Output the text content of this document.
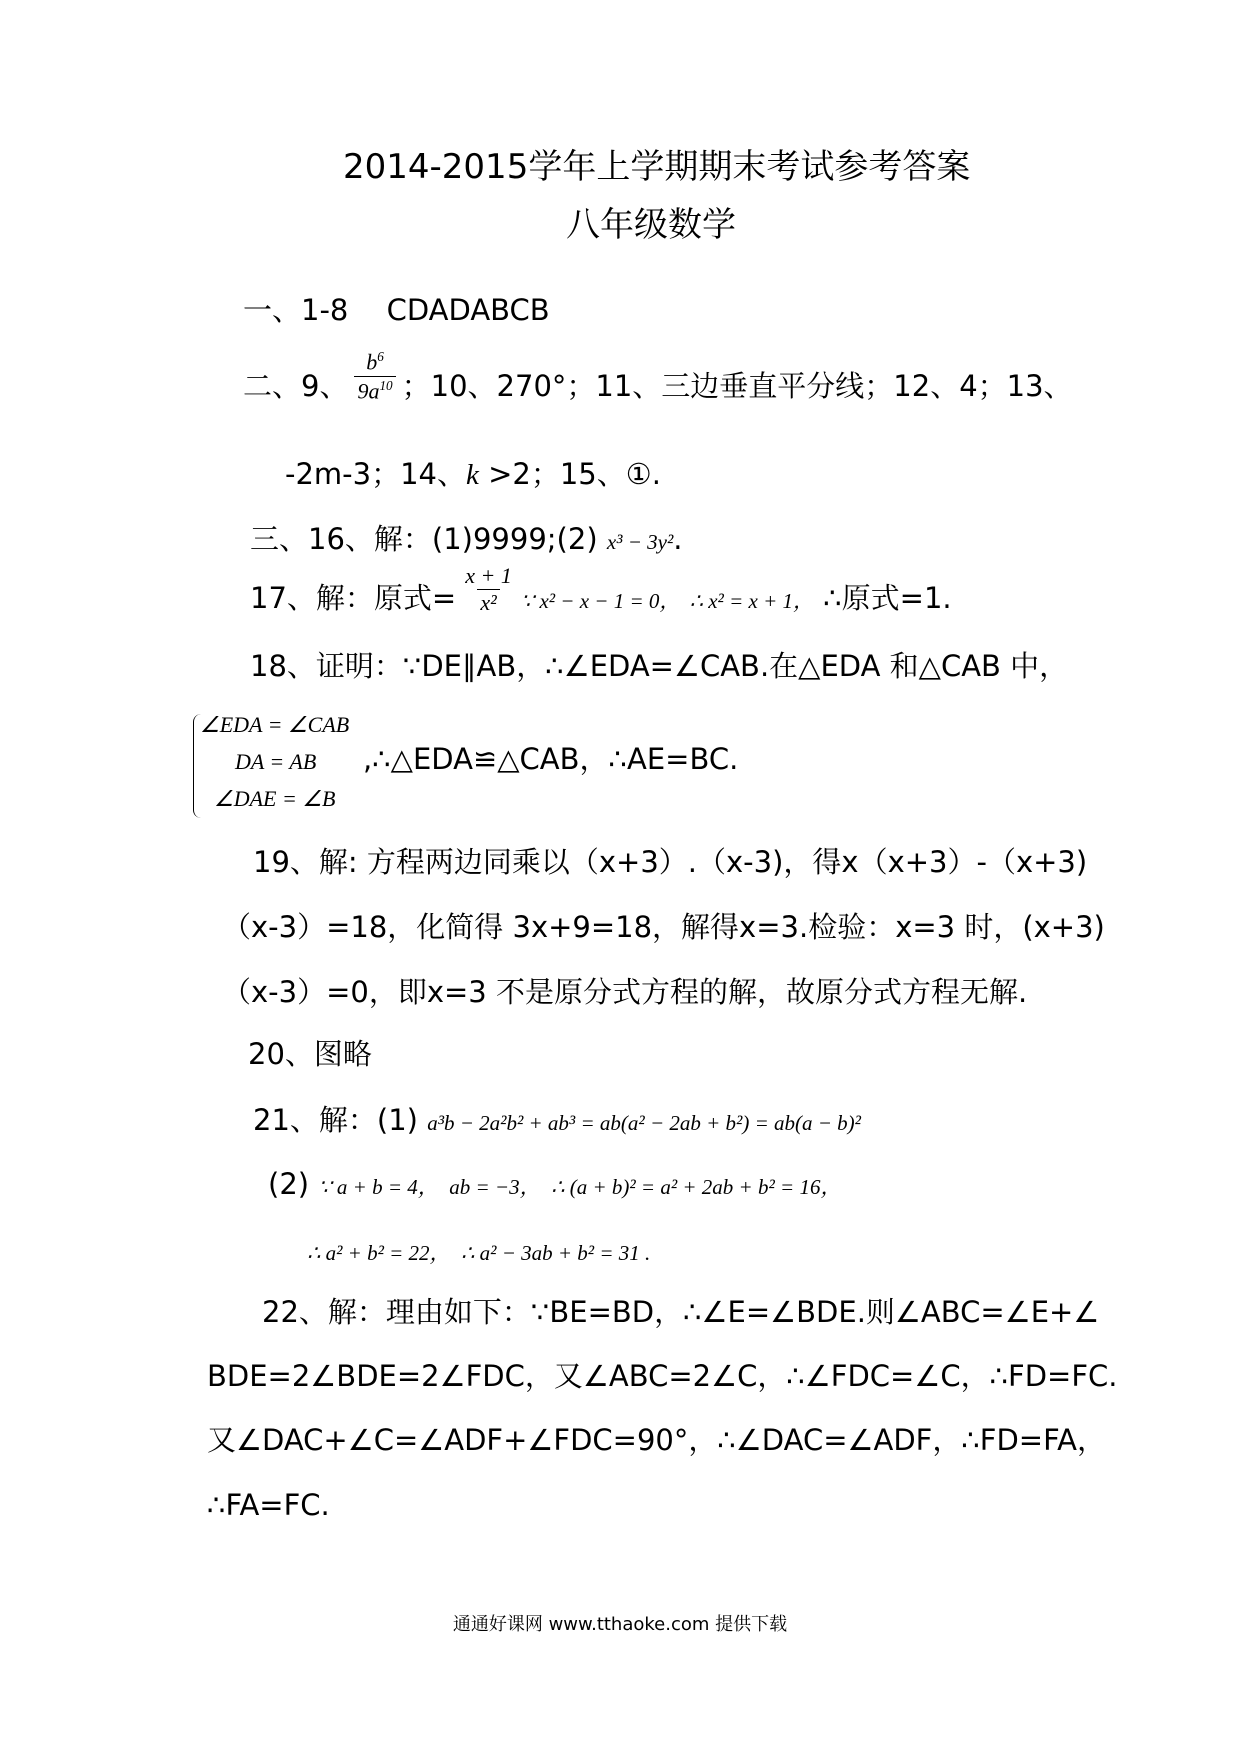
2014-2015学年上学期期末考试参考答案
八年级数学
一、1-8　 CDADABCB
二、9、 $\frac{b^6}{9a^{10}}$ ；10、270°；11、三边垂直平分线；12、4；13、
-2m-3；14、k >2；15、①.
三、16、解：(1)9999;(2) x³ − 3y².
17、解：原式= $\frac{x + 1}{\text{x²}}$ ∵ x² − x − 1 = 0， ∴ x² = x + 1， ∴原式=1.
18、证明：∵DE∥AB，∴∠EDA=∠CAB.在△EDA 和△CAB 中，
∠EDA = ∠CAB
DA = AB
∠DAE = ∠B
,∴△EDA≌△CAB，∴AE=BC.
19、解: 方程两边同乘以（x+3）.（x-3)，得x（x+3）-（x+3)
（x-3）=18，化简得 3x+9=18，解得x=3.检验：x=3 时，(x+3)
（x-3）=0，即x=3 不是原分式方程的解，故原分式方程无解.
20、图略
21、解：(1) a³b − 2a²b² + ab³ = ab(a² − 2ab + b²) = ab(a − b)²
(2) ∵ a + b = 4，　ab = −3，　∴ (a + b)² = a² + 2ab + b² = 16，
∴ a² + b² = 22，　∴ a² − 3ab + b² = 31 .
22、解：理由如下：∵BE=BD，∴∠E=∠BDE.则∠ABC=∠E+∠
BDE=2∠BDE=2∠FDC，又∠ABC=2∠C，∴∠FDC=∠C，∴FD=FC.
又∠DAC+∠C=∠ADF+∠FDC=90°，∴∠DAC=∠ADF，∴FD=FA，
∴FA=FC.
通通好课网 www.tthaoke.com 提供下载
